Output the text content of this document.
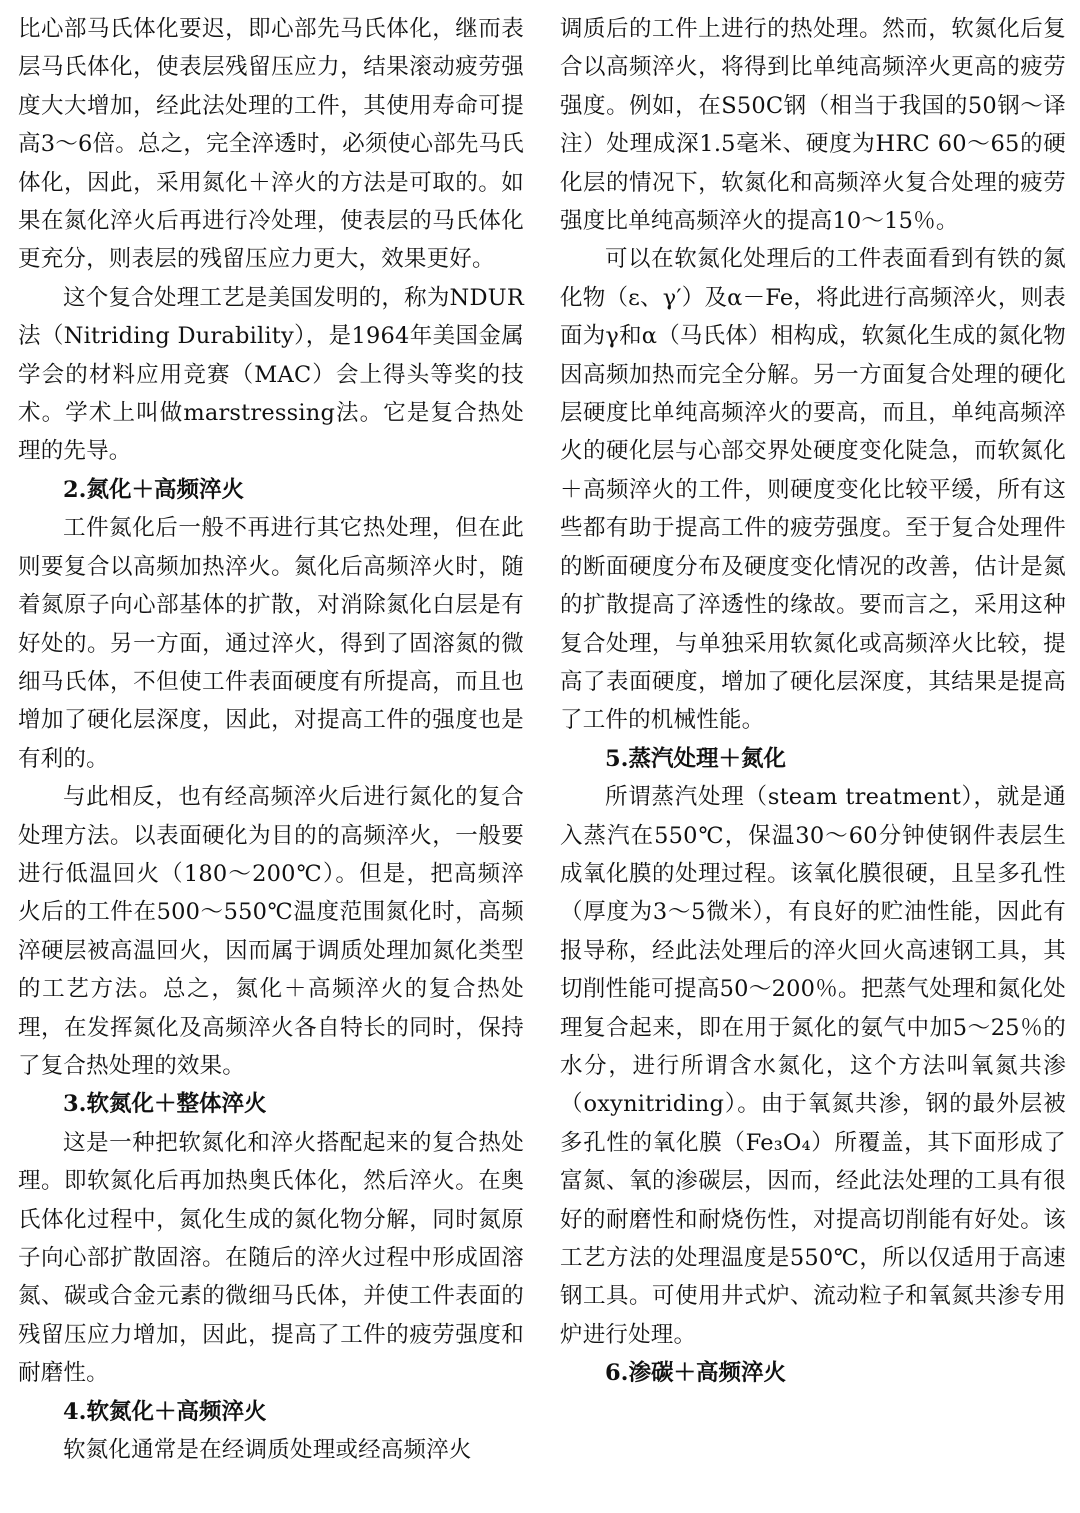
比心部马氏体化要迟，即心部先马氏体化，继而表层马氏体化，使表层残留压应力，结果滚动疲劳强度大大增加，经此法处理的工件，其使用寿命可提高3～6倍。总之，完全淬透时，必须使心部先马氏体化，因此，采用氮化＋淬火的方法是可取的。如果在氮化淬火后再进行冷处理，使表层的马氏体化更充分，则表层的残留压应力更大，效果更好。

这个复合处理工艺是美国发明的，称为NDUR法（Nitriding Durability），是1964年美国金属学会的材料应用竞赛（MAC）会上得头等奖的技术。学术上叫做marstressing法。它是复合热处理的先导。

2.氮化＋高频淬火

工件氮化后一般不再进行其它热处理，但在此则要复合以高频加热淬火。氮化后高频淬火时，随着氮原子向心部基体的扩散，对消除氮化白层是有好处的。另一方面，通过淬火，得到了固溶氮的微细马氏体，不但使工件表面硬度有所提高，而且也增加了硬化层深度，因此，对提高工件的强度也是有利的。

与此相反，也有经高频淬火后进行氮化的复合处理方法。以表面硬化为目的的高频淬火，一般要进行低温回火（180～200℃）。但是，把高频淬火后的工件在500～550℃温度范围氮化时，高频淬硬层被高温回火，因而属于调质处理加氮化类型的工艺方法。总之，氮化＋高频淬火的复合热处理，在发挥氮化及高频淬火各自特长的同时，保持了复合热处理的效果。

3.软氮化＋整体淬火

这是一种把软氮化和淬火搭配起来的复合热处理。即软氮化后再加热奥氏体化，然后淬火。在奥氏体化过程中，氮化生成的氮化物分解，同时氮原子向心部扩散固溶。在随后的淬火过程中形成固溶氮、碳或合金元素的微细马氏体，并使工件表面的残留压应力增加，因此，提高了工件的疲劳强度和耐磨性。

4.软氮化＋高频淬火

软氮化通常是在经调质处理或经高频淬火

调质后的工件上进行的热处理。然而，软氮化后复合以高频淬火，将得到比单纯高频淬火更高的疲劳强度。例如，在S50C钢（相当于我国的50钢～译注）处理成深1.5毫米、硬度为HRC 60～65的硬化层的情况下，软氮化和高频淬火复合处理的疲劳强度比单纯高频淬火的提高10～15％。

可以在软氮化处理后的工件表面看到有铁的氮化物（ε、γ′）及α－Fe，将此进行高频淬火，则表面为γ和α（马氏体）相构成，软氮化生成的氮化物因高频加热而完全分解。另一方面复合处理的硬化层硬度比单纯高频淬火的要高，而且，单纯高频淬火的硬化层与心部交界处硬度变化陡急，而软氮化＋高频淬火的工件，则硬度变化比较平缓，所有这些都有助于提高工件的疲劳强度。至于复合处理件的断面硬度分布及硬度变化情况的改善，估计是氮的扩散提高了淬透性的缘故。要而言之，采用这种复合处理，与单独采用软氮化或高频淬火比较，提高了表面硬度，增加了硬化层深度，其结果是提高了工件的机械性能。

5.蒸汽处理＋氮化

所谓蒸汽处理（steam treatment），就是通入蒸汽在550℃，保温30～60分钟使钢件表层生成氧化膜的处理过程。该氧化膜很硬，且呈多孔性（厚度为3～5微米），有良好的贮油性能，因此有报导称，经此法处理后的淬火回火高速钢工具，其切削性能可提高50～200％。把蒸气处理和氮化处理复合起来，即在用于氮化的氨气中加5～25％的水分，进行所谓含水氮化，这个方法叫氧氮共渗（oxynitriding）。由于氧氮共渗，钢的最外层被多孔性的氧化膜（Fe₃O₄）所覆盖，其下面形成了富氮、氧的渗碳层，因而，经此法处理的工具有很好的耐磨性和耐烧伤性，对提高切削能有好处。该工艺方法的处理温度是550℃，所以仅适用于高速钢工具。可使用井式炉、流动粒子和氧氮共渗专用炉进行处理。

6.渗碳＋高频淬火
